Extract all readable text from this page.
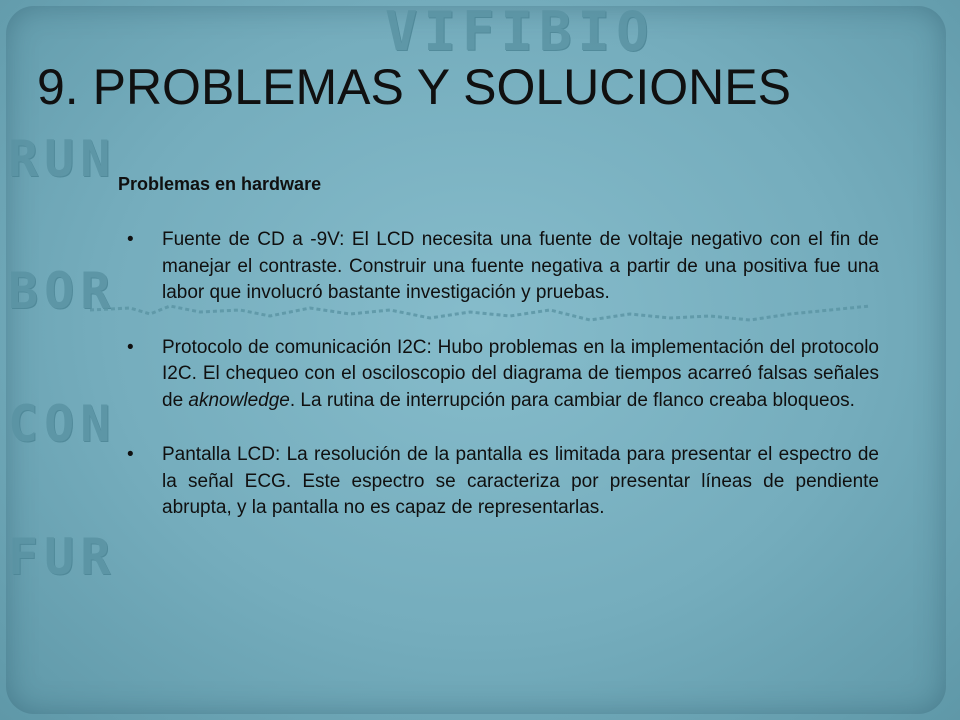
VIFIBIO
RUN
BOR
CON
FUR
9. PROBLEMAS Y SOLUCIONES
Problemas en hardware
• Fuente de CD a -9V: El LCD necesita una fuente de voltaje negativo con el fin de manejar el contraste. Construir una fuente negativa a partir de una positiva fue una labor que involucró bastante investigación y pruebas.
• Protocolo de comunicación I2C: Hubo problemas en la implementación del protocolo I2C. El chequeo con el osciloscopio del diagrama de tiempos acarreó falsas señales de aknowledge. La rutina de interrupción para cambiar de flanco creaba bloqueos.
• Pantalla LCD: La resolución de la pantalla es limitada para presentar el espectro de la señal ECG. Este espectro se caracteriza por presentar líneas de pendiente abrupta, y la pantalla no es capaz de representarlas.
